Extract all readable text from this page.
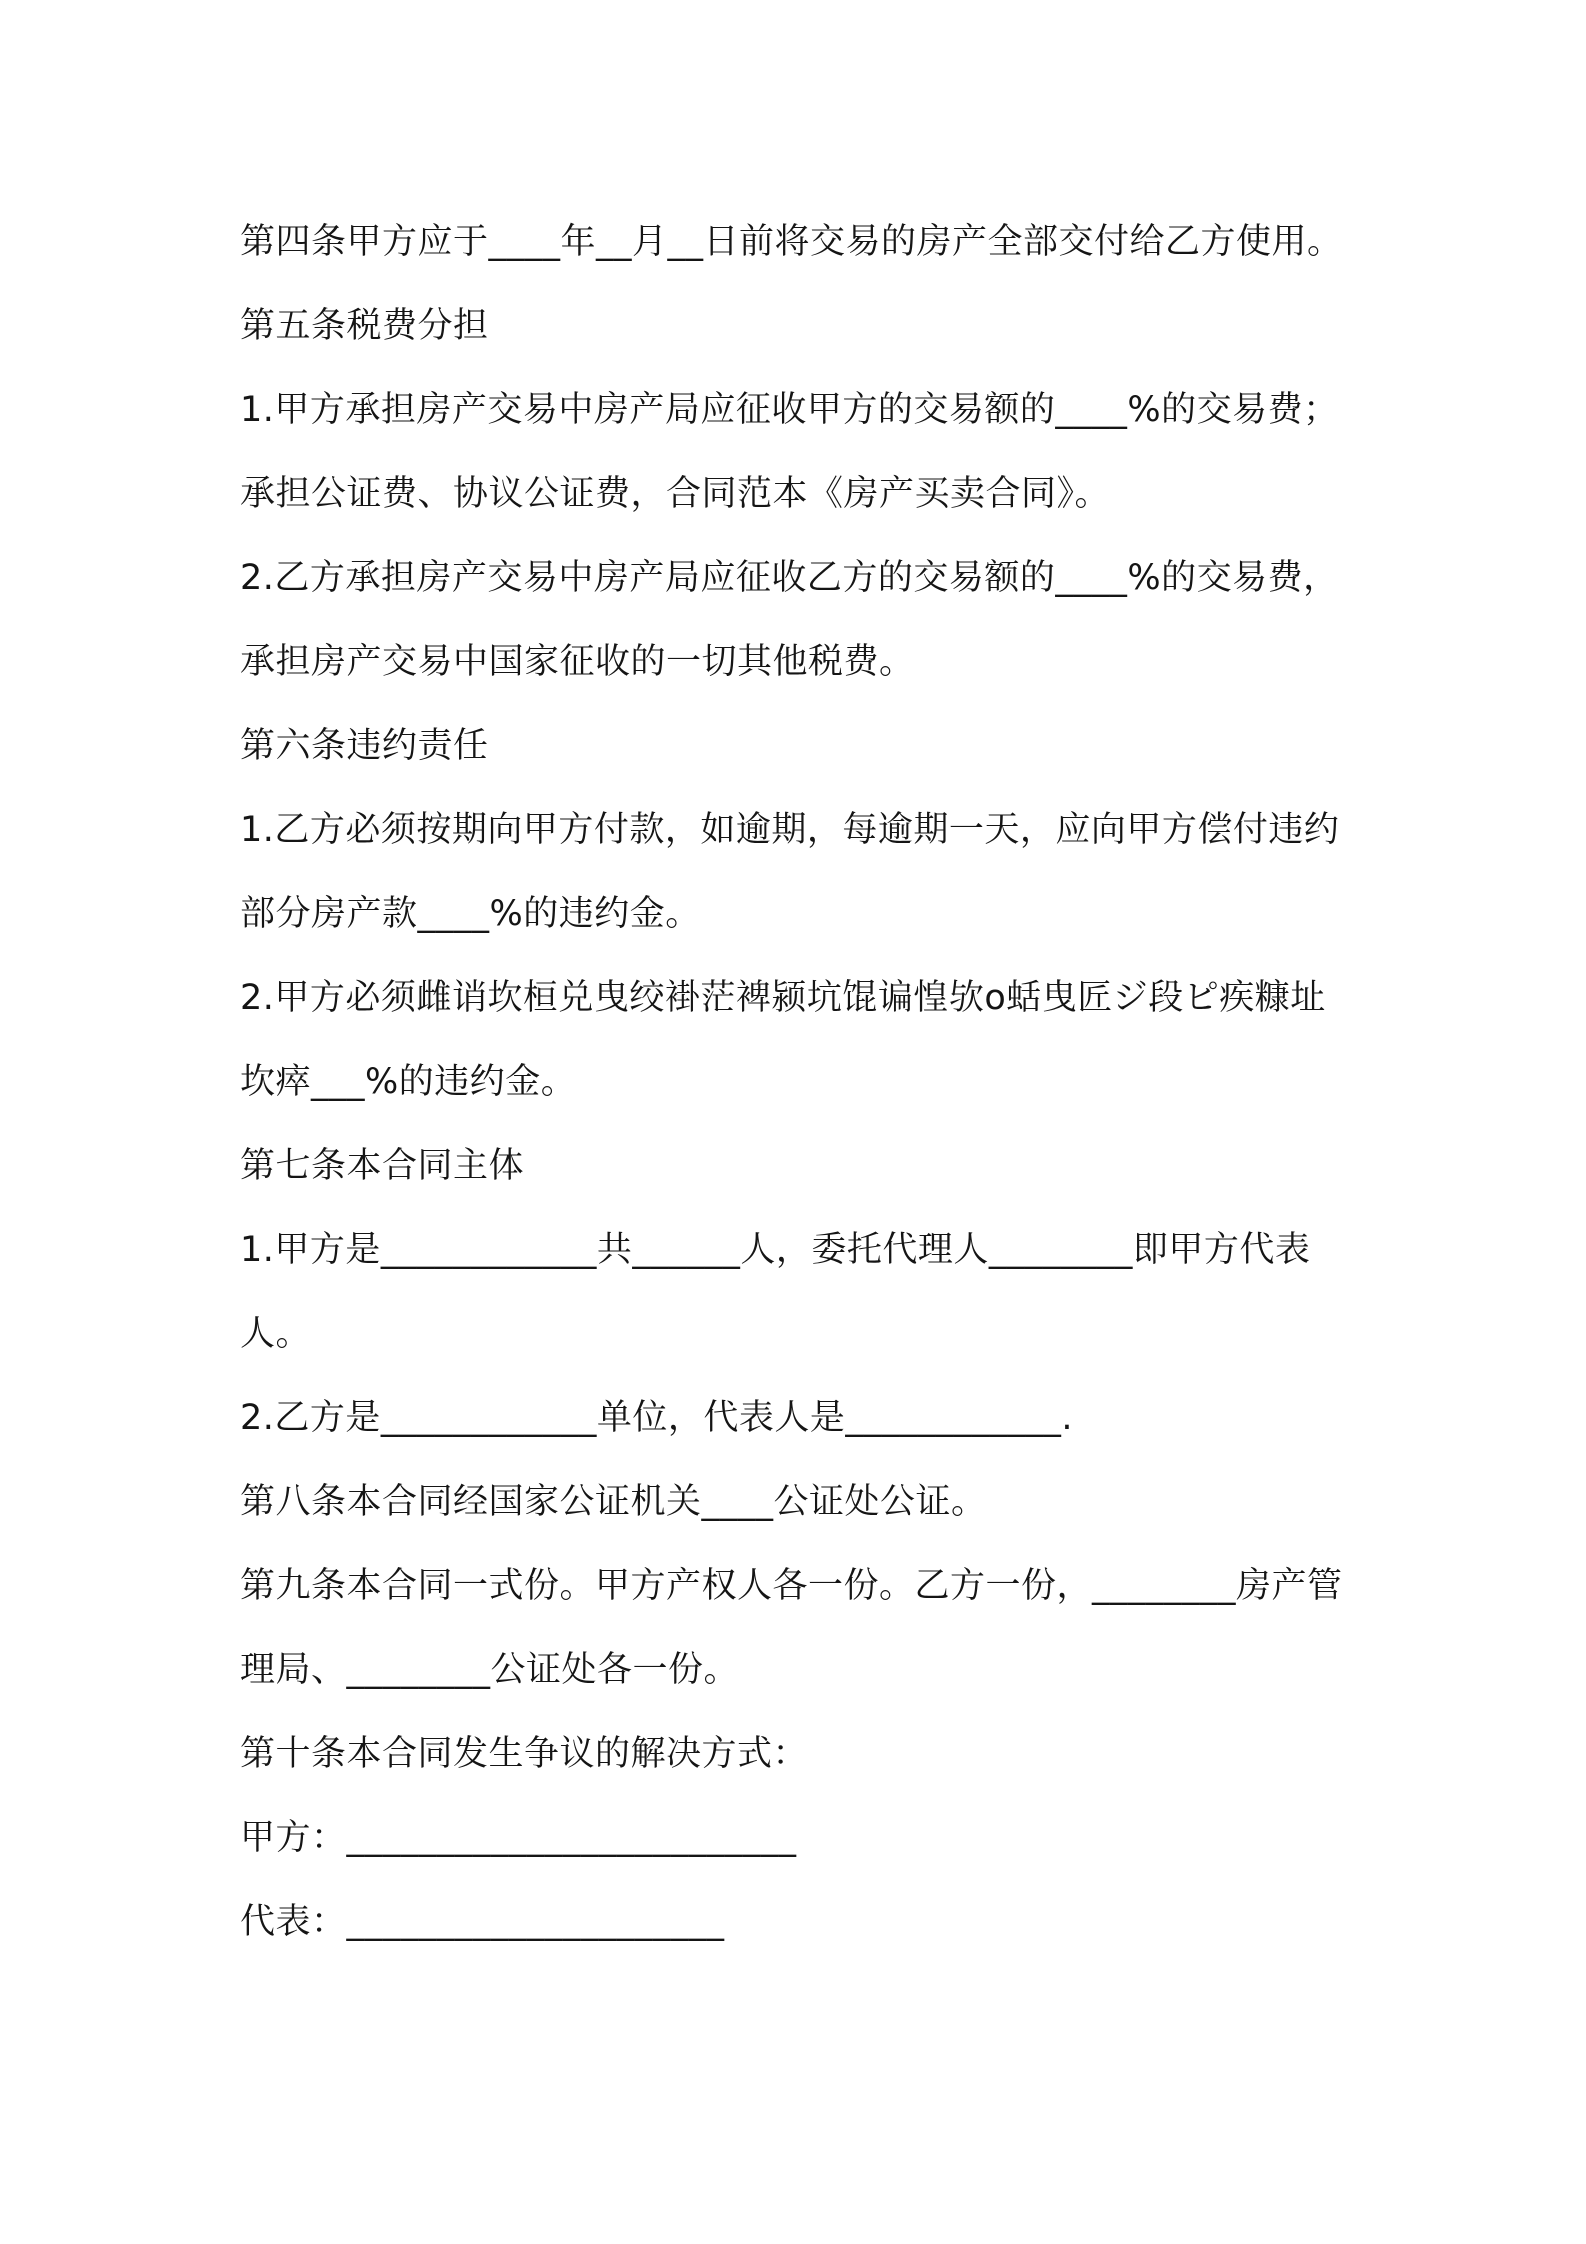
第四条甲方应于____年__月__日前将交易的房产全部交付给乙方使用。

第五条税费分担

1.甲方承担房产交易中房产局应征收甲方的交易额的____%的交易费；承担公证费、协议公证费，合同范本《房产买卖合同》。

2.乙方承担房产交易中房产局应征收乙方的交易额的____%的交易费，承担房产交易中国家征收的一切其他税费。

第六条违约责任

1.乙方必须按期向甲方付款，如逾期，每逾期一天，应向甲方偿付违约部分房产款____%的违约金。

2.甲方必须雌诮坎桓兑曳绞褂茫裨颍坑馄谝惶欤o蛞曳匠ジ段ピ疾糠址坎瘁___%的违约金。

第七条本合同主体

1.甲方是____________共______人，委托代理人________即甲方代表人。

2.乙方是____________单位，代表人是____________.

第八条本合同经国家公证机关____公证处公证。

第九条本合同一式份。甲方产权人各一份。乙方一份，________房产管理局、________公证处各一份。

第十条本合同发生争议的解决方式：

甲方：_________________________

代表：_____________________
